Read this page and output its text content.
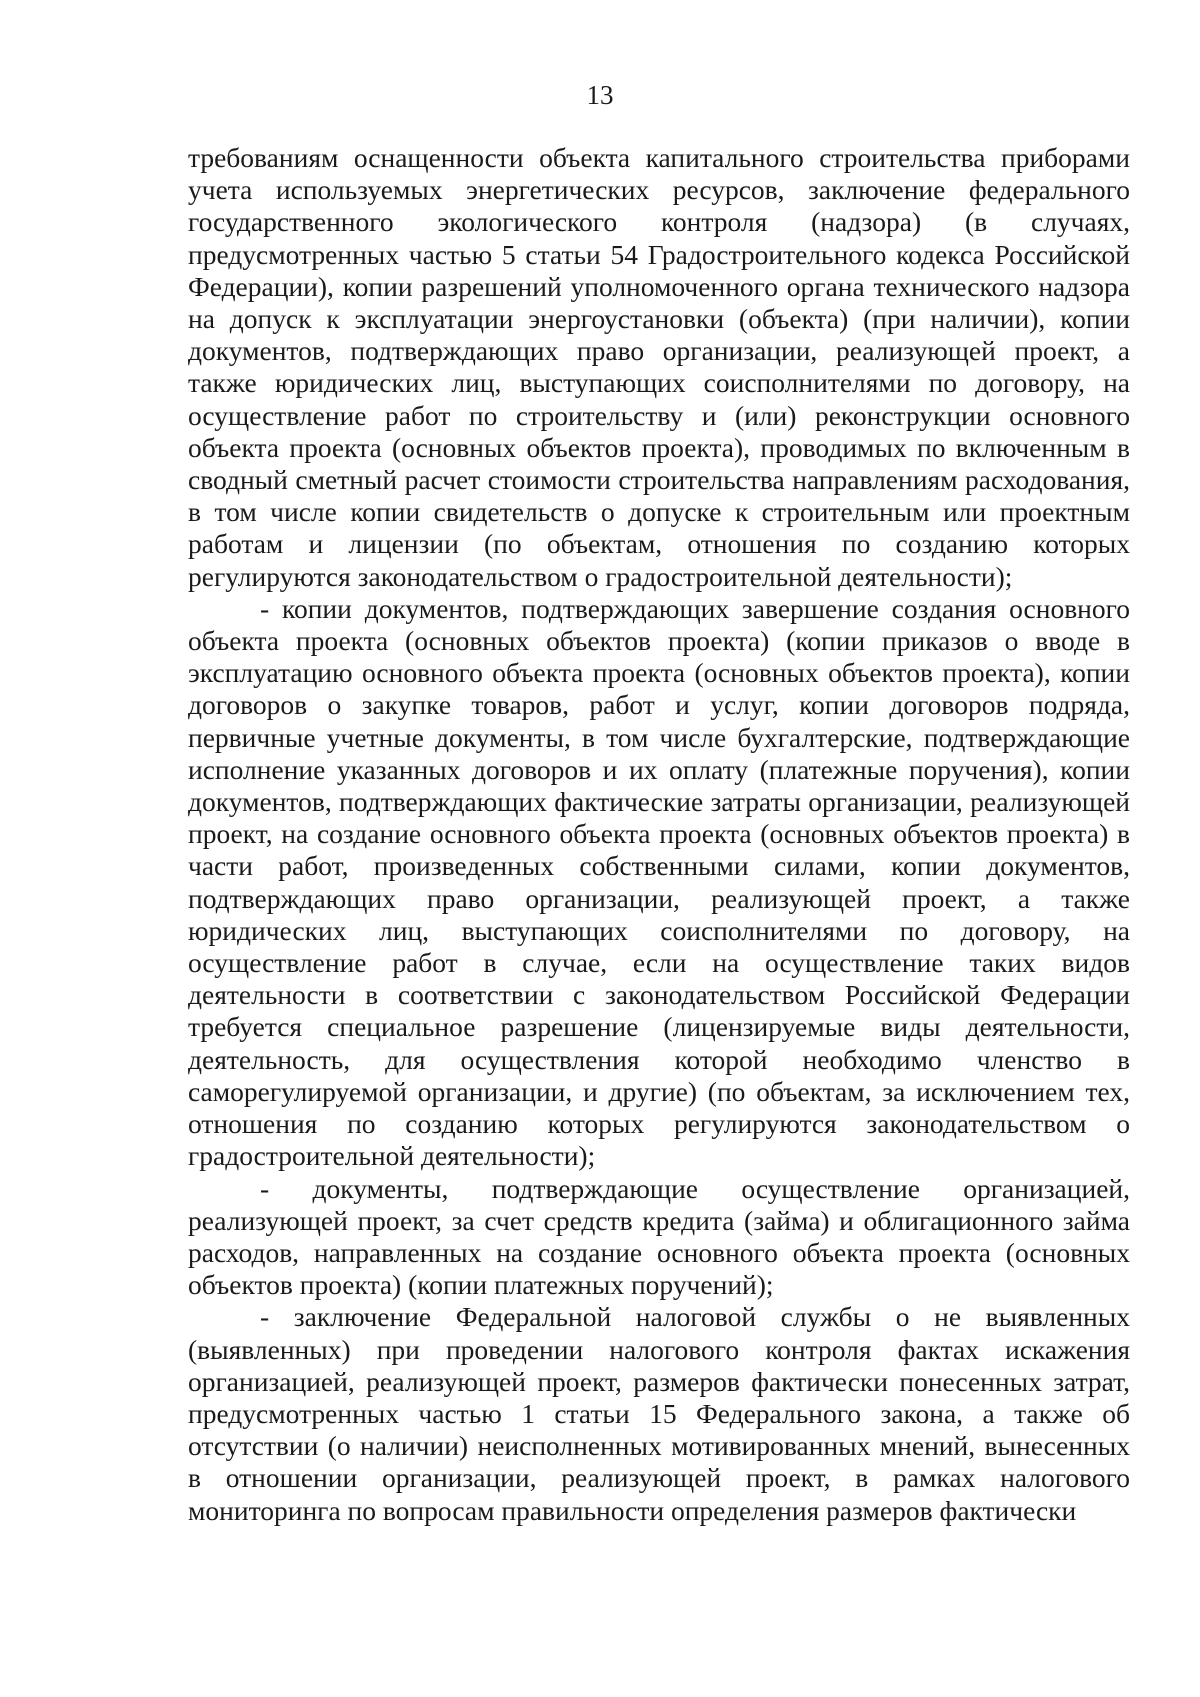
13

требованиям оснащенности объекта капитального строительства приборами учета используемых энергетических ресурсов, заключение федерального государственного экологического контроля (надзора) (в случаях, предусмотренных частью 5 статьи 54 Градостроительного кодекса Российской Федерации), копии разрешений уполномоченного органа технического надзора на допуск к эксплуатации энергоустановки (объекта) (при наличии), копии документов, подтверждающих право организации, реализующей проект, а также юридических лиц, выступающих соисполнителями по договору, на осуществление работ по строительству и (или) реконструкции основного объекта проекта (основных объектов проекта), проводимых по включенным в сводный сметный расчет стоимости строительства направлениям расходования, в том числе копии свидетельств о допуске к строительным или проектным работам и лицензии (по объектам, отношения по созданию которых регулируются законодательством о градостроительной деятельности);

- копии документов, подтверждающих завершение создания основного объекта проекта (основных объектов проекта) (копии приказов о вводе в эксплуатацию основного объекта проекта (основных объектов проекта), копии договоров о закупке товаров, работ и услуг, копии договоров подряда, первичные учетные документы, в том числе бухгалтерские, подтверждающие исполнение указанных договоров и их оплату (платежные поручения), копии документов, подтверждающих фактические затраты организации, реализующей проект, на создание основного объекта проекта (основных объектов проекта) в части работ, произведенных собственными силами, копии документов, подтверждающих право организации, реализующей проект, а также юридических лиц, выступающих соисполнителями по договору, на осуществление работ в случае, если на осуществление таких видов деятельности в соответствии с законодательством Российской Федерации требуется специальное разрешение (лицензируемые виды деятельности, деятельность, для осуществления которой необходимо членство в саморегулируемой организации, и другие) (по объектам, за исключением тех, отношения по созданию которых регулируются законодательством о градостроительной деятельности);

- документы, подтверждающие осуществление организацией, реализующей проект, за счет средств кредита (займа) и облигационного займа расходов, направленных на создание основного объекта проекта (основных объектов проекта) (копии платежных поручений);

- заключение Федеральной налоговой службы о не выявленных (выявленных) при проведении налогового контроля фактах искажения организацией, реализующей проект, размеров фактически понесенных затрат, предусмотренных частью 1 статьи 15 Федерального закона, а также об отсутствии (о наличии) неисполненных мотивированных мнений, вынесенных в отношении организации, реализующей проект, в рамках налогового мониторинга по вопросам правильности определения размеров фактически
